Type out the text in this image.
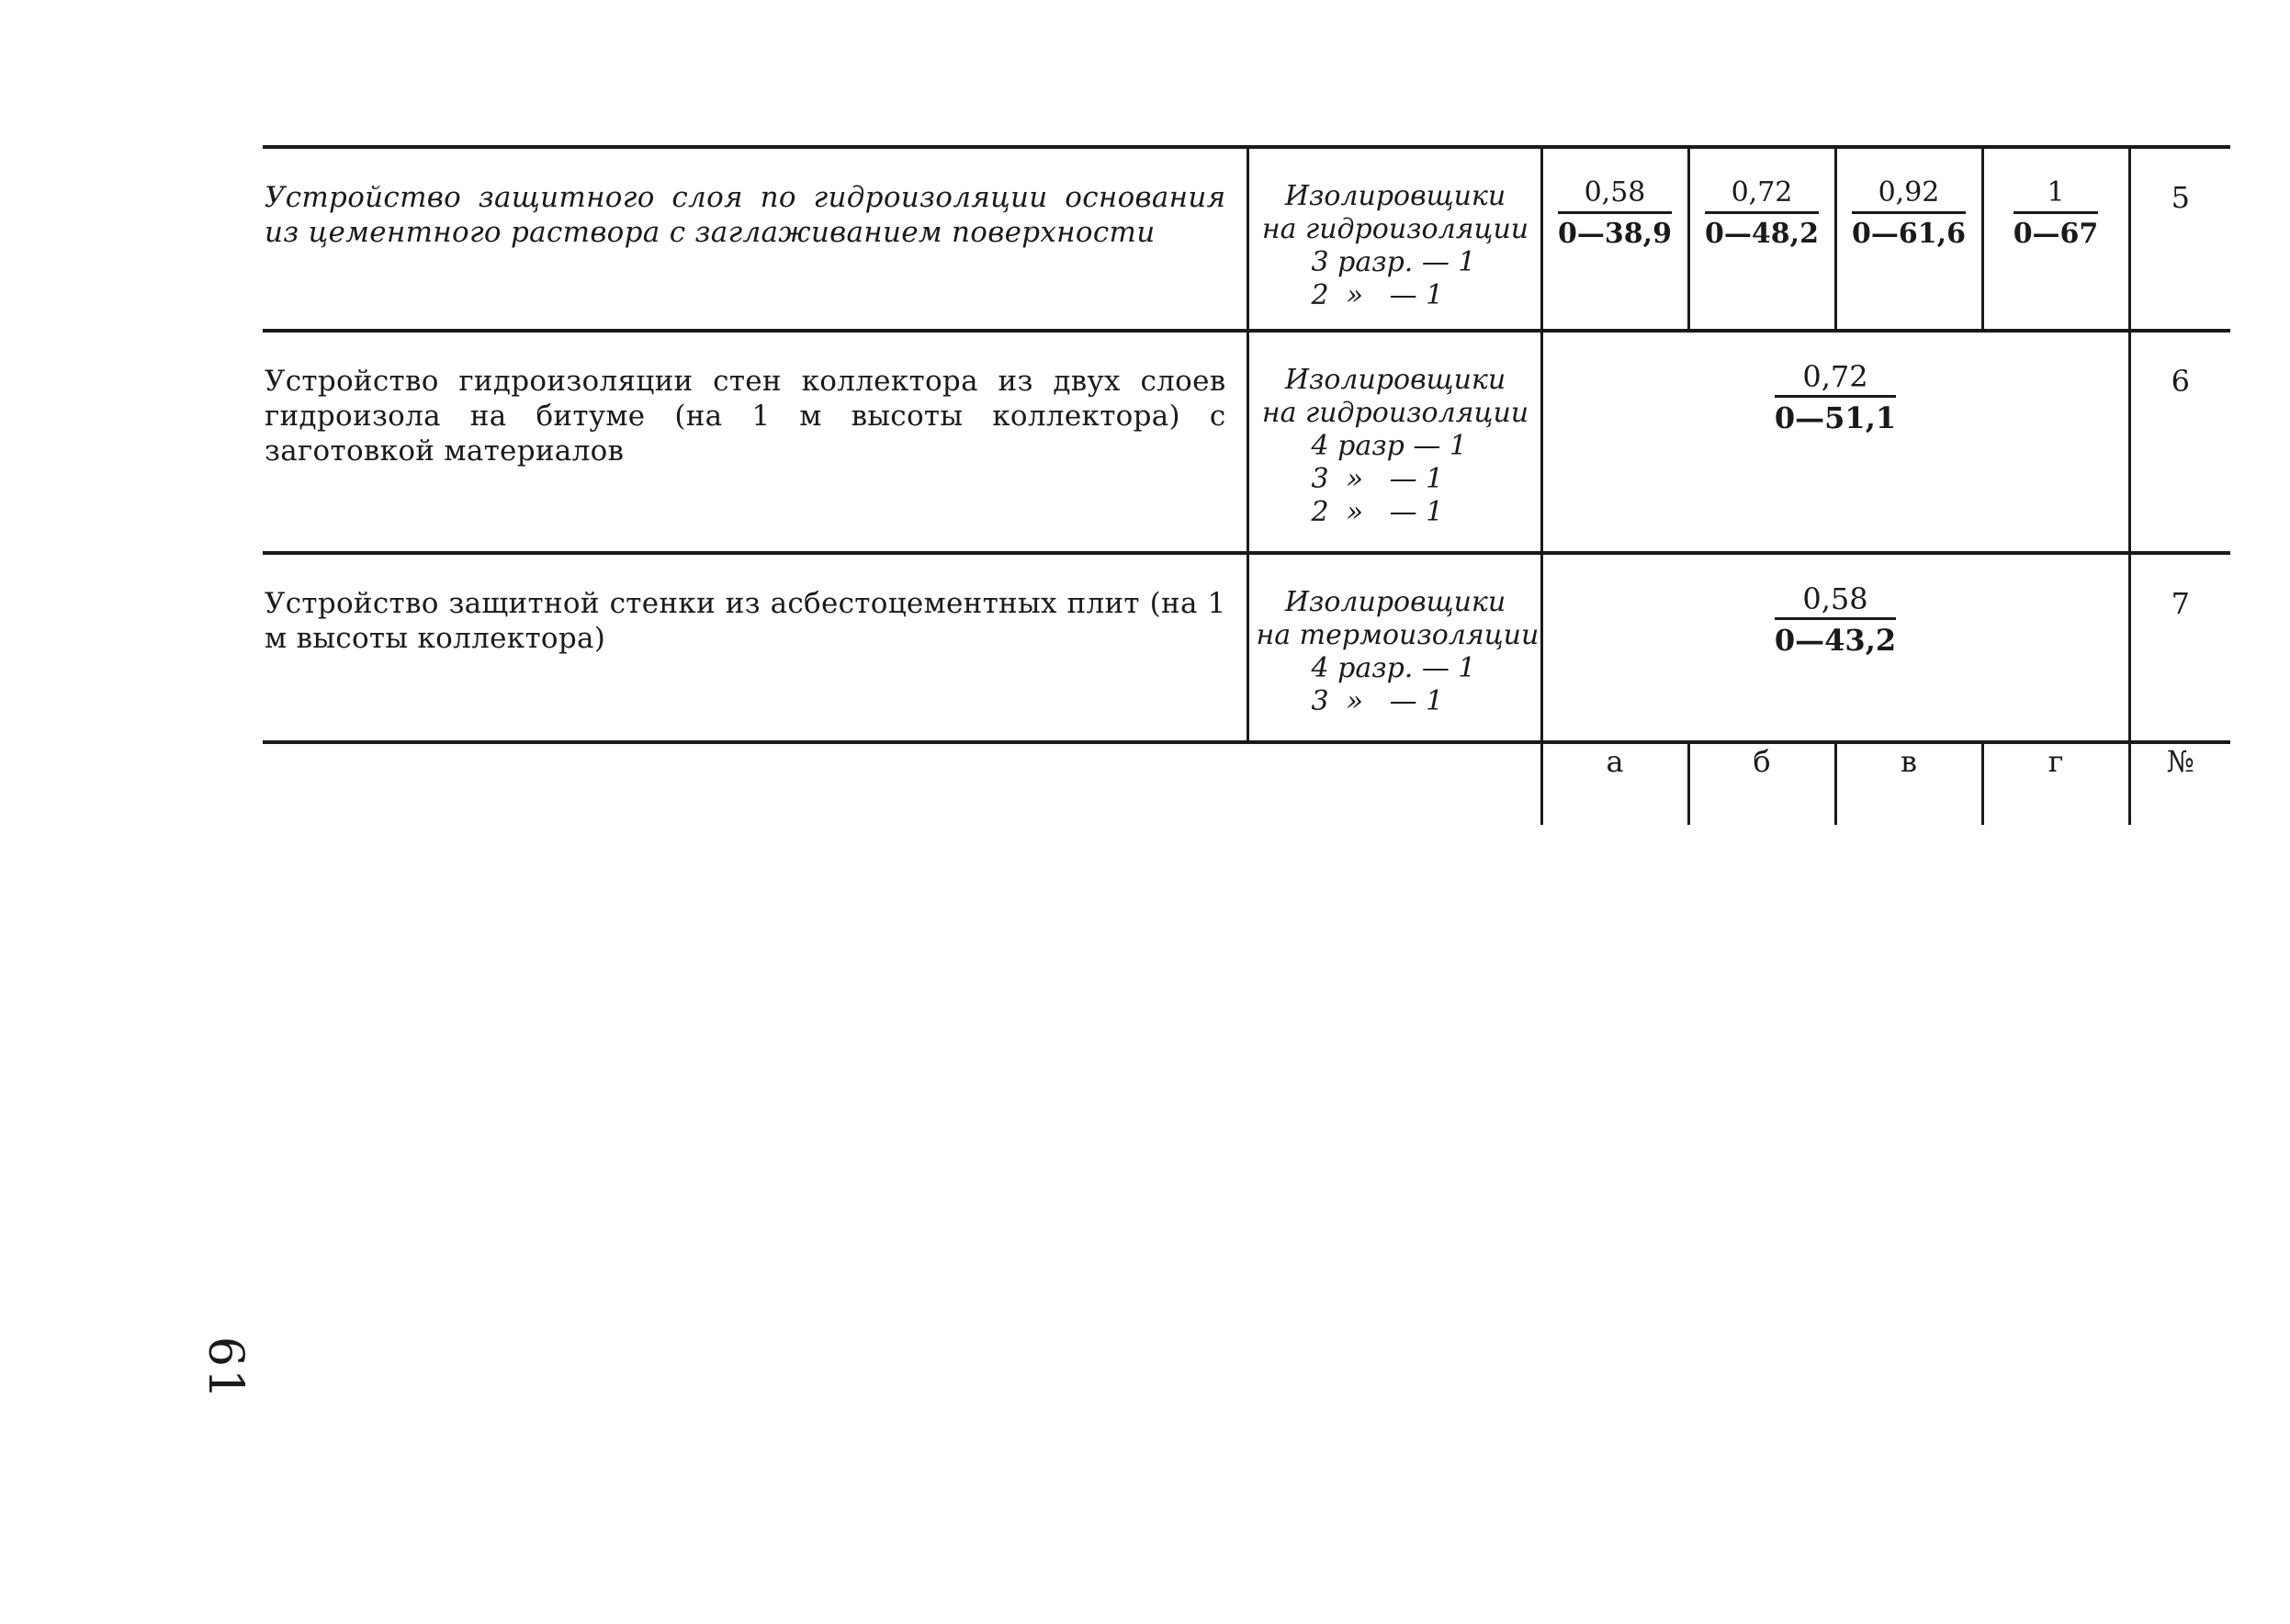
Устройство защитного слоя по гидроизоляции основания из цементного раствора с заглаживанием поверхности	Изолировщики
на гидроизоляции
3 разр. — 1
2  »   — 1	$\frac{0,58}{0—38,9}$	$\frac{0,72}{0—48,2}$	$\frac{0,92}{0—61,6}$	$\frac{1}{0—67}$	5
Устройство гидроизоляции стен коллектора из двух слоев гидроизола на битуме (на 1 м высоты коллектора) с заготовкой материалов	Изолировщики
на гидроизоляции
4 разр — 1
3  »   — 1
2  »   — 1	$\frac{0,72}{0—51,1}$				6
Устройство защитной стенки из асбестоцементных плит (на 1 м высоты коллектора)	Изолировщики
на термоизоляции
4 разр. — 1
3  »   — 1	$\frac{0,58}{0—43,2}$				7
		а	б	в	г	№
61
